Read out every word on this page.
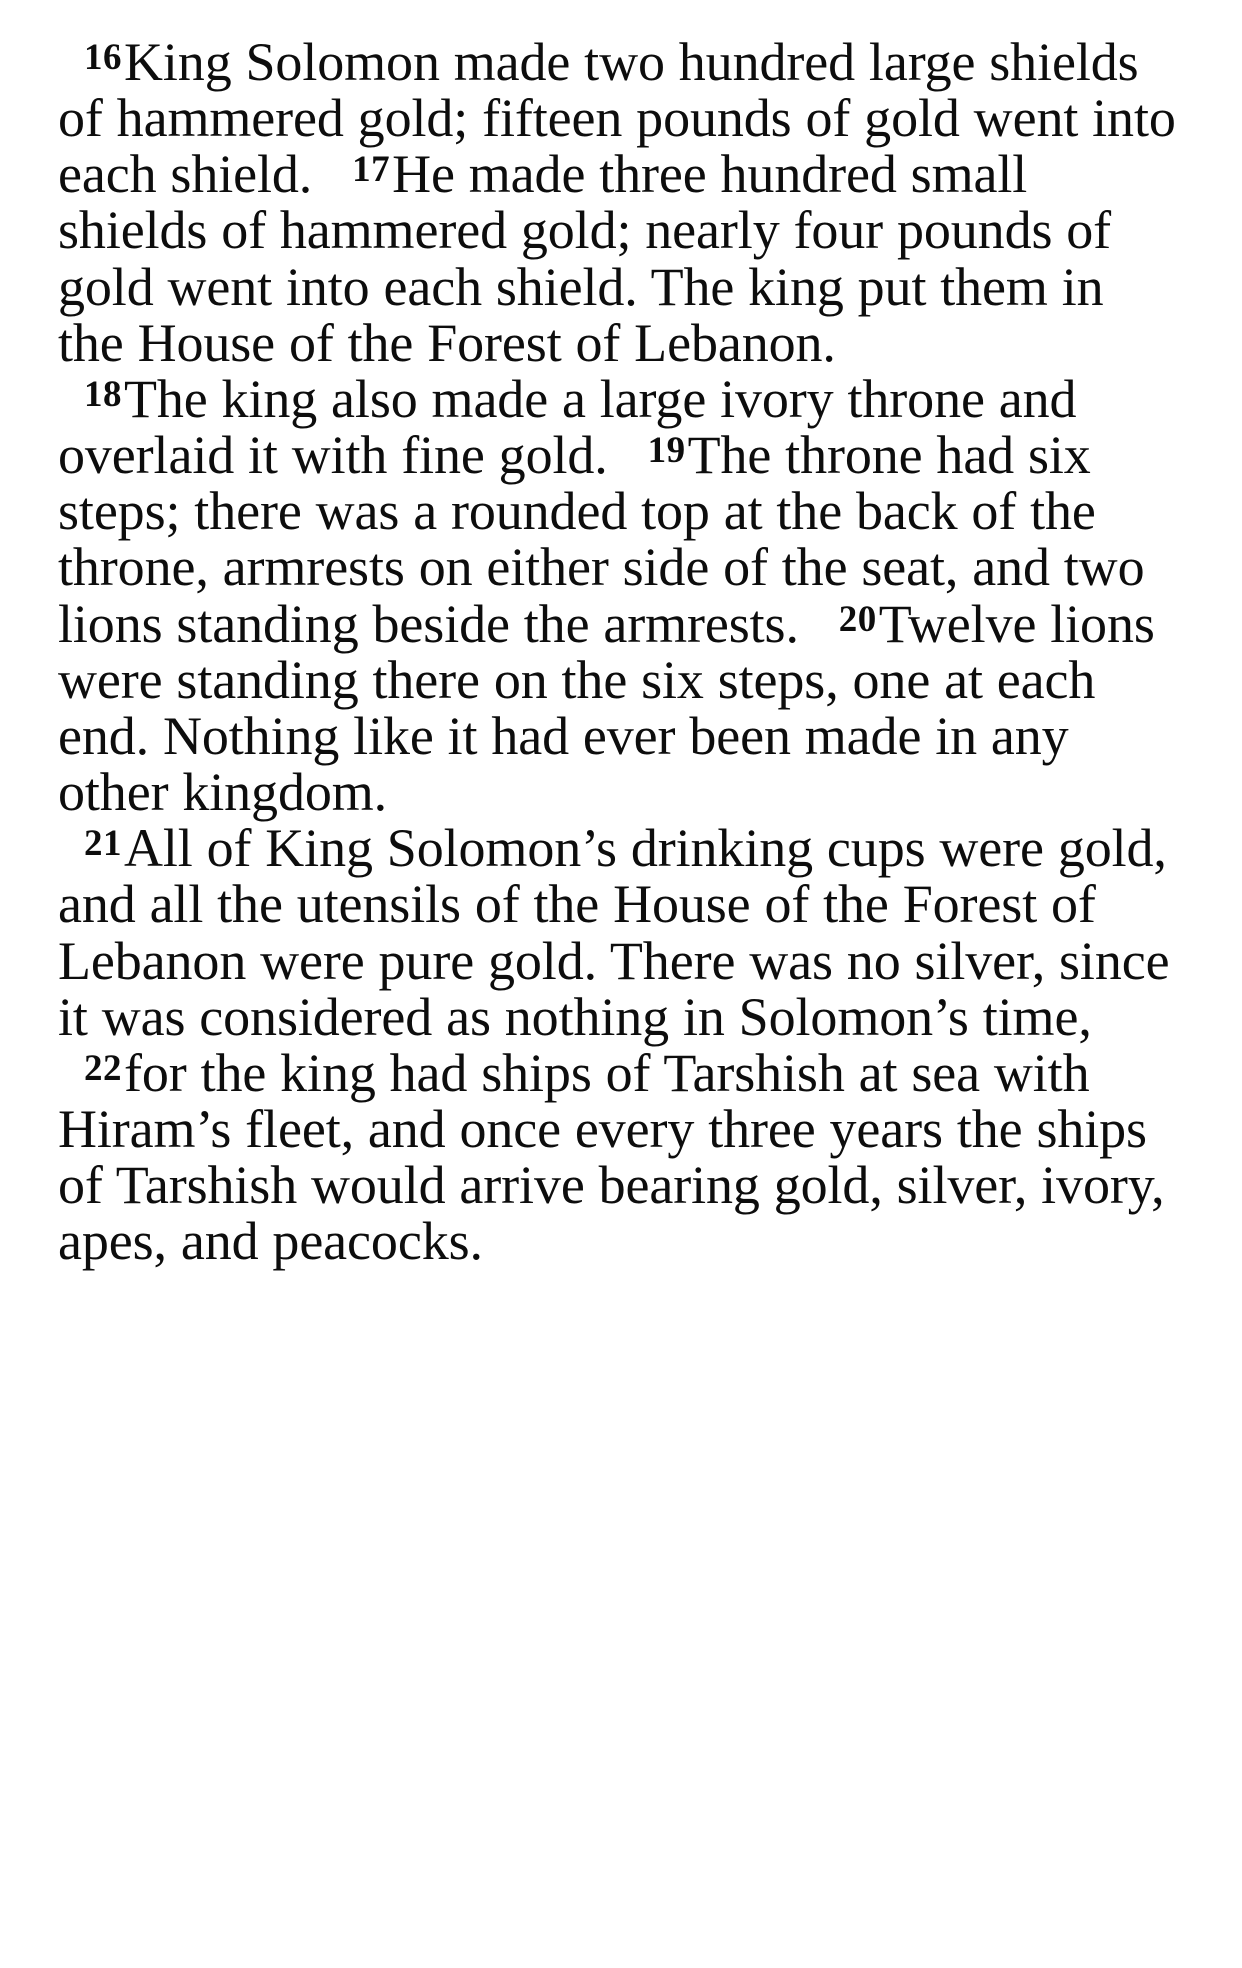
$^{16}$King Solomon made two hundred large shields of hammered gold; fifteen pounds of gold went into each shield. $^{17}$He made three hundred small shields of hammered gold; nearly four pounds of gold went into each shield. The king put them in the House of the Forest of Lebanon.

$^{18}$The king also made a large ivory throne and overlaid it with fine gold. $^{19}$The throne had six steps; there was a rounded top at the back of the throne, armrests on either side of the seat, and two lions standing beside the armrests. $^{20}$Twelve lions were standing there on the six steps, one at each end. Nothing like it had ever been made in any other kingdom.

$^{21}$All of King Solomon’s drinking cups were gold, and all the utensils of the House of the Forest of Lebanon were pure gold. There was no silver, since it was considered as nothing in Solomon’s time, $^{22}$for the king had ships of Tarshish at sea with Hiram’s fleet, and once every three years the ships of Tarshish would arrive bearing gold, silver, ivory, apes, and peacocks.
